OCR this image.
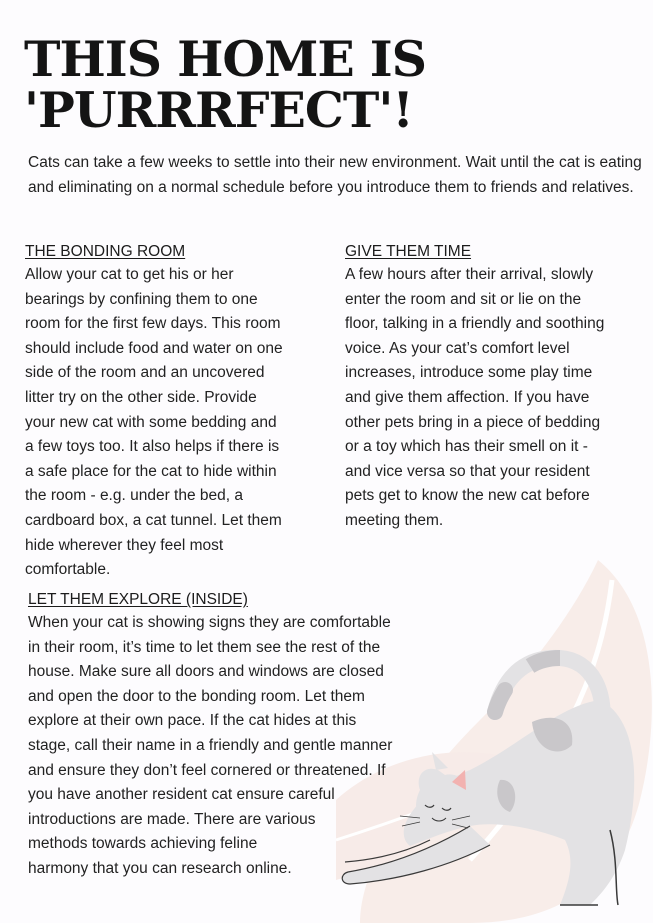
THIS HOME IS
'PURRRFECT'!

Cats can take a few weeks to settle into their new environment. Wait until the cat is eating and eliminating on a normal schedule before you introduce them to friends and relatives.

THE BONDING ROOM

Allow your cat to get his or her
bearings by confining them to one
room for the first few days. This room
should include food and water on one
side of the room and an uncovered
litter try on the other side. Provide
your new cat with some bedding and
a few toys too. It also helps if there is
a safe place for the cat to hide within
the room - e.g. under the bed, a
cardboard box, a cat tunnel. Let them
hide wherever they feel most
comfortable.

GIVE THEM TIME

A few hours after their arrival, slowly
enter the room and sit or lie on the
floor, talking in a friendly and soothing
voice. As your cat’s comfort level
increases, introduce some play time
and give them affection. If you have
other pets bring in a piece of bedding
or a toy which has their smell on it -
and vice versa so that your resident
pets get to know the new cat before
meeting them.

LET THEM EXPLORE (INSIDE)

When your cat is showing signs they are comfortable
in their room, it’s time to let them see the rest of the
house. Make sure all doors and windows are closed
and open the door to the bonding room. Let them
explore at their own pace. If the cat hides at this
stage, call their name in a friendly and gentle manner
and ensure they don’t feel cornered or threatened. If
you have another resident cat ensure careful
introductions are made. There are various
methods towards achieving feline
harmony that you can research online.
